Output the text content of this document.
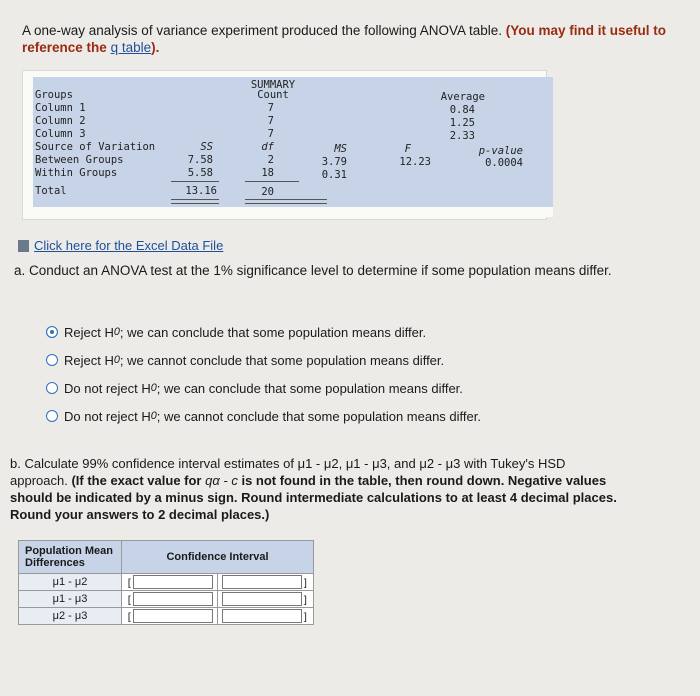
A one-way analysis of variance experiment produced the following ANOVA table. (You may find it useful to reference the q table).
SUMMARY
Groups	Count	Average
Column 1	7	0.84
Column 2	7	1.25
Column 3	7	2.33
Source of Variation	SS	df	MS	F	p-value
Between Groups	7.58	2	3.79	12.23	0.0004
Within Groups	5.58	18	0.31
Total	13.16	20
Click here for the Excel Data File
a. Conduct an ANOVA test at the 1% significance level to determine if some population means differ.
Reject H 0 ; we can conclude that some population means differ.
Reject H 0 ; we cannot conclude that some population means differ.
Do not reject H 0 ; we can conclude that some population means differ.
Do not reject H 0 ; we cannot conclude that some population means differ.
b. Calculate 99% confidence interval estimates of μ1 - μ2, μ1 - μ3, and μ2 - μ3 with Tukey's HSD
approach. (If the exact value for qα - c is not found in the table, then round down. Negative values
should be indicated by a minus sign. Round intermediate calculations to at least 4 decimal places.
Round your answers to 2 decimal places.)
Population Mean Differences	Confidence Interval	
μ1 - μ2	[	]
μ1 - μ3	[	]
μ2 - μ3	[	]
